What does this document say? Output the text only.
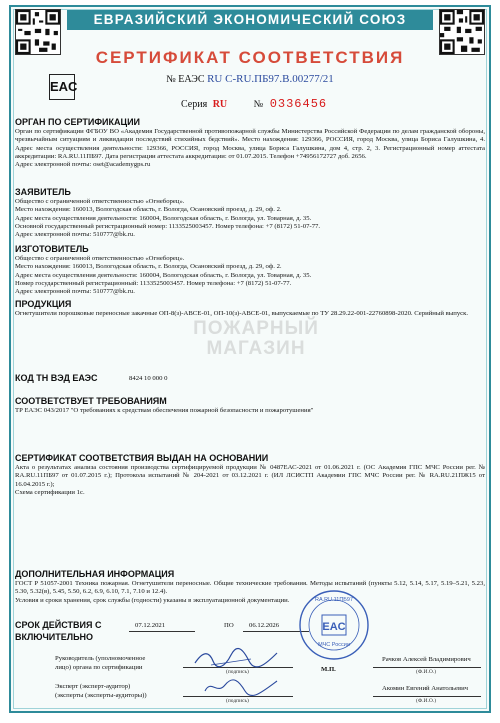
ЕВРАЗИЙСКИЙ ЭКОНОМИЧЕСКИЙ СОЮЗ
СЕРТИФИКАТ СООТВЕТСТВИЯ
EAC	№ ЕАЭС RU С-RU.ПБ97.В.00277/21
Серия RU	№ 0336456
ОРГАН ПО СЕРТИФИКАЦИИ

Орган по сертификации ФГБОУ ВО «Академия Государственной противопожарной службы Министерства Российской Федерации по делам гражданской обороны, чрезвычайным ситуациям и ликвидации последствий стихийных бедствий». Место нахождения: 129366, РОССИЯ, город Москва, улица Бориса Галушкина, 4. Адрес места осуществления деятельности: 129366, РОССИЯ, город Москва, улица Бориса Галушкина, дом 4, стр. 2, 3. Регистрационный номер аттестата аккредитации: RA.RU.11ПБ97. Дата регистрации аттестата аккредитации: от 01.07.2015. Телефон +74956172727 доб. 2656.

Адрес электронной почты: oset@academygps.ru

ЗАЯВИТЕЛЬ

Общество с ограниченной ответственностью «Огнеборец».

Место нахождения: 160013, Вологодская область, г. Вологда, Осановский проезд, д. 29, оф. 2.

Адрес места осуществления деятельности: 160004, Вологодская область, г. Вологда, ул. Товарная, д. 35.

Основной государственный регистрационный номер: 1133525003457. Номер телефона: +7 (8172) 51-07-77.

Адрес электронной почты: 510777@bk.ru.

ИЗГОТОВИТЕЛЬ

Общество с ограниченной ответственностью «Огнеборец».

Место нахождения: 160013, Вологодская область, г. Вологда, Осановский проезд, д. 29, оф. 2.

Адрес места осуществления деятельности: 160004, Вологодская область, г. Вологда, ул. Товарная, д. 35.

Номер государственный регистрационный: 1133525003457. Номер телефона: +7 (8172) 51-07-77.

Адрес электронной почты: 510777@bk.ru.

ПРОДУКЦИЯ
Огнетушители порошковые переносные закачные ОП-8(з)-АВСЕ-01, ОП-10(з)-АВСЕ-01, выпускаемые по ТУ 28.29.22-001-22760898-2020. Серийный выпуск.
ПОЖАРНЫЙ
МАГАЗИН
КОД ТН ВЭД ЕАЭС	8424 10 000 0
СООТВЕТСТВУЕТ ТРЕБОВАНИЯМ
ТР ЕАЭС 043/2017 "О требованиях к средствам обеспечения пожарной безопасности и пожаротушения"
СЕРТИФИКАТ СООТВЕТСТВИЯ ВЫДАН НА ОСНОВАНИИ

Акта о результатах анализа состояния производства сертифицируемой продукции № 0487ЕАС-2021 от 01.06.2021 г. (ОС Академия ГПС МЧС России рег. № RA.RU.11ПБ97 от 01.07.2015 г.); Протокола испытаний № 204-2021 от 03.12.2021 г. (ИЛ ЛСИСТП Академии ГПС МЧС России рег. № RA.RU.21ПЖ15 от 16.04.2015 г.);

Схема сертификации 1с.

ДОПОЛНИТЕЛЬНАЯ ИНФОРМАЦИЯ

ГОСТ Р 51057-2001 Техника пожарная. Огнетушители переносные. Общие технические требования. Методы испытаний (пункты 5.12, 5.14, 5.17, 5.19–5.21, 5.23, 5.30, 5.32(в), 5.45, 5.50, 6.2, 6.9, 6.10, 7.1, 7.10 и 12.4).

Условия и сроки хранения, срок службы (годности) указаны в эксплуатационной документации.

СРОК ДЕЙСТВИЯ С
ВКЛЮЧИТЕЛЬНО
07.12.2021	ПО 06.12.2026
Руководитель (уполномоченное
лицо) органа по сертификации
(подпись)
Рачков Алексей Владимирович
(Ф.И.О.)
RA.RU.11ПБ97
EAC
МЧС России
М.П.
Эксперт (эксперт-аудитор)
(эксперты (эксперты-аудиторы))
(подпись)
Акомин Евгений Анатольевич
(Ф.И.О.)
